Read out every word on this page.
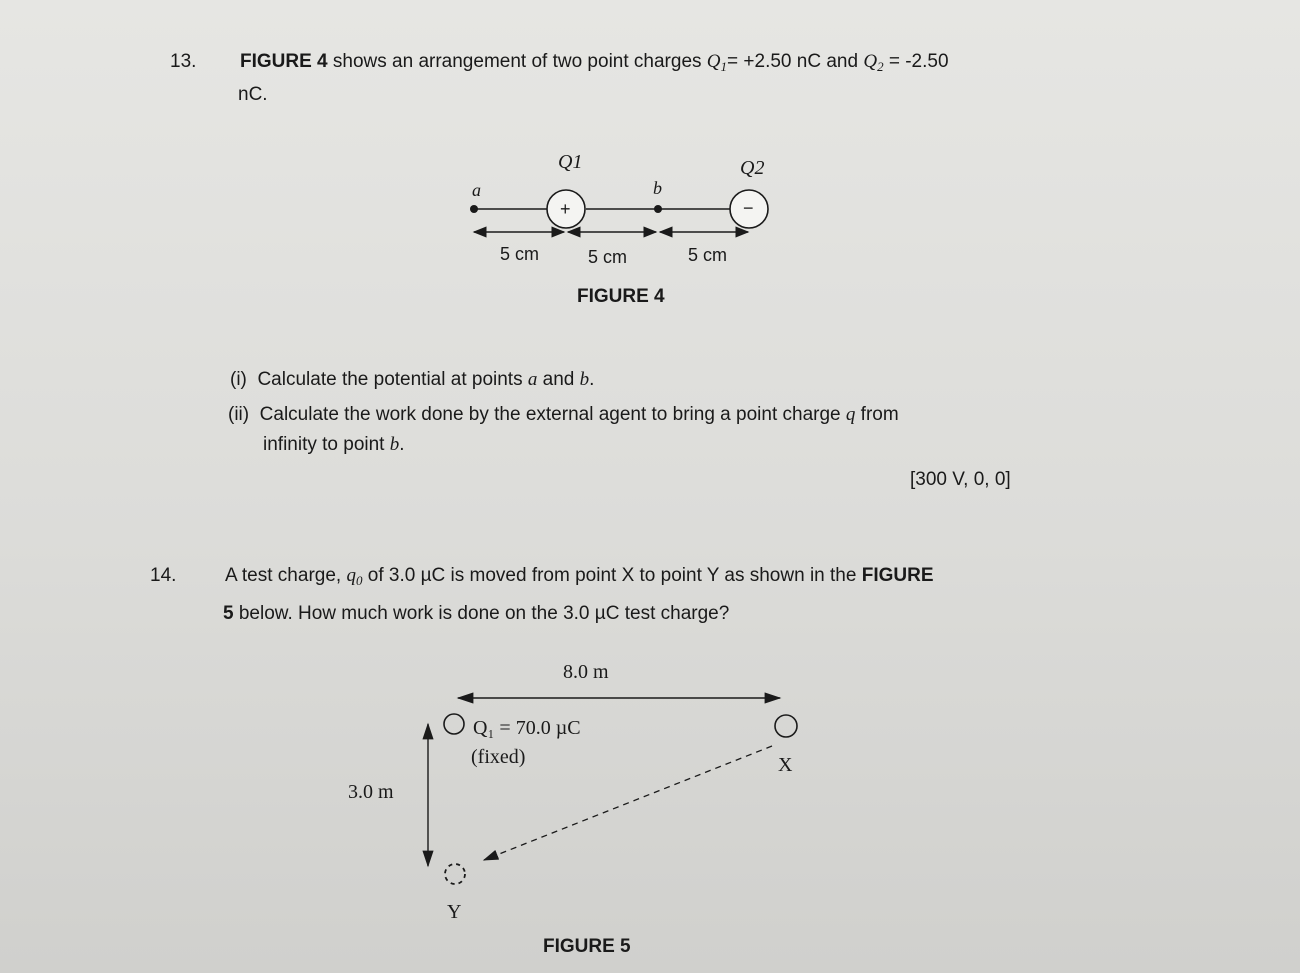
13. FIGURE 4 shows an arrangement of two point charges $Q_1= +2.50$ nC and $Q_2 = -2.50$
nC.
Q1	Q2
a	b
+	−
5 cm	5 cm	5 cm
FIGURE 4
(i) Calculate the potential at points a and b.
(ii) Calculate the work done by the external agent to bring a point charge q from
infinity to point b.
[300 V, 0, 0]
14.	A test charge, $q_0$ of 3.0 µC is moved from point X to point Y as shown in the FIGURE
5 below. How much work is done on the 3.0 µC test charge?
8.0 m
Q₁ = 70.0 µC
(fixed)
3.0 m
X
Y
FIGURE 5
